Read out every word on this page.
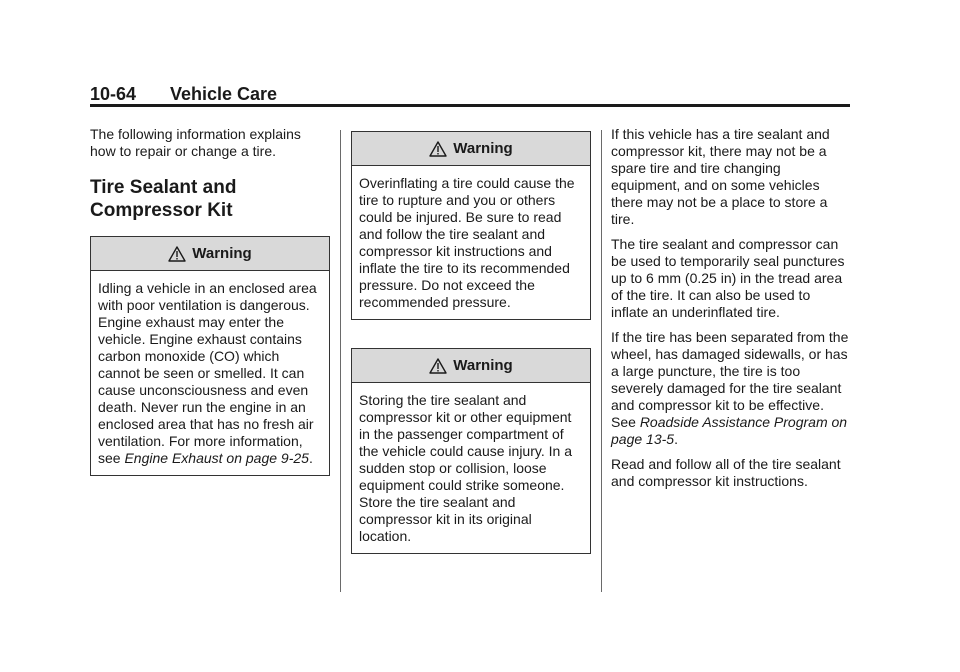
10-64 Vehicle Care

The following information explains how to repair or change a tire.

Tire Sealant and Compressor Kit
Warning

Idling a vehicle in an enclosed area with poor ventilation is dangerous. Engine exhaust may enter the vehicle. Engine exhaust contains carbon monoxide (CO) which cannot be seen or smelled. It can cause unconsciousness and even death. Never run the engine in an enclosed area that has no fresh air ventilation. For more information, see Engine Exhaust on page 9-25.

Warning

Overinflating a tire could cause the tire to rupture and you or others could be injured. Be sure to read and follow the tire sealant and compressor kit instructions and inflate the tire to its recommended pressure. Do not exceed the recommended pressure.

Warning

Storing the tire sealant and compressor kit or other equipment in the passenger compartment of the vehicle could cause injury. In a sudden stop or collision, loose equipment could strike someone. Store the tire sealant and compressor kit in its original location.

If this vehicle has a tire sealant and compressor kit, there may not be a spare tire and tire changing equipment, and on some vehicles there may not be a place to store a tire.

The tire sealant and compressor can be used to temporarily seal punctures up to 6 mm (0.25 in) in the tread area of the tire. It can also be used to inflate an underinflated tire.

If the tire has been separated from the wheel, has damaged sidewalls, or has a large puncture, the tire is too severely damaged for the tire sealant and compressor kit to be effective. See Roadside Assistance Program on page 13-5.

Read and follow all of the tire sealant and compressor kit instructions.
